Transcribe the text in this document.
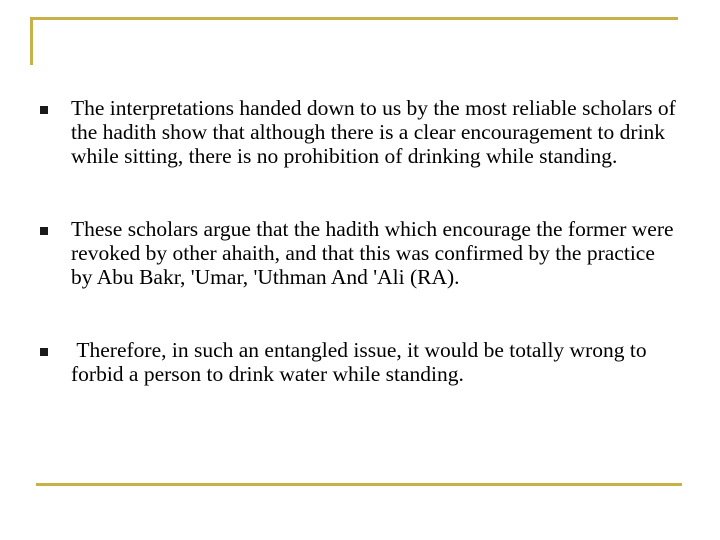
The interpretations handed down to us by the most reliable scholars of the hadith show that although there is a clear encouragement to drink while sitting, there is no prohibition of drinking while standing.
These scholars argue that the hadith which encourage the former were revoked by other ahaith, and that this was confirmed by the practice by Abu Bakr, 'Umar, 'Uthman And 'Ali (RA).
Therefore, in such an entangled issue, it would be totally wrong to forbid a person to drink water while standing.
